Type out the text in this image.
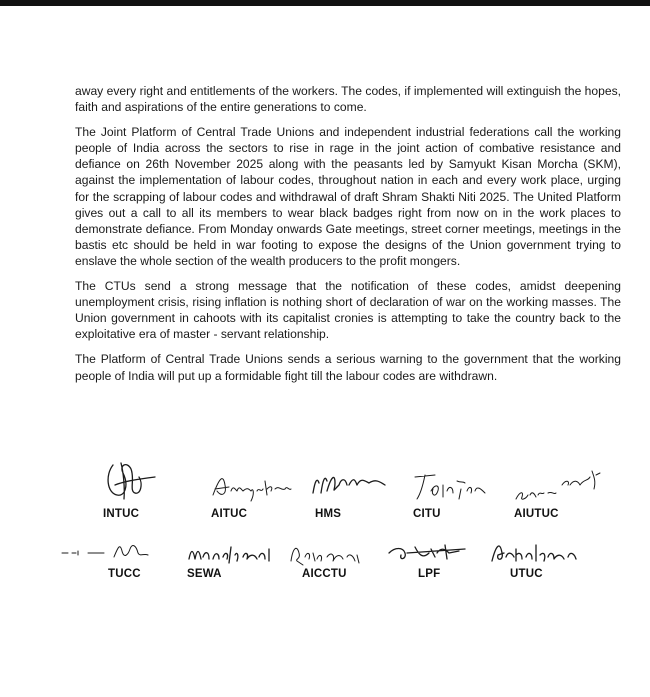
away every right and entitlements of the workers. The codes, if implemented will extinguish the hopes, faith and aspirations of the entire generations to come.

The Joint Platform of Central Trade Unions and independent industrial federations call the working people of India across the sectors to rise in rage in the joint action of combative resistance and defiance on 26th November 2025 along with the peasants led by Samyukt Kisan Morcha (SKM), against the implementation of labour codes, throughout nation in each and every work place, urging for the scrapping of labour codes and withdrawal of draft Shram Shakti Niti 2025. The United Platform gives out a call to all its members to wear black badges right from now on in the work places to demonstrate defiance. From Monday onwards Gate meetings, street corner meetings, meetings in the bastis etc should be held in war footing to expose the designs of the Union government trying to enslave the whole section of the wealth producers to the profit mongers.

The CTUs send a strong message that the notification of these codes, amidst deepening unemployment crisis, rising inflation is nothing short of declaration of war on the working masses. The Union government in cahoots with its capitalist cronies is attempting to take the country back to the exploitative era of master - servant relationship.

The Platform of Central Trade Unions sends a serious warning to the government that the working people of India will put up a formidable fight till the labour codes are withdrawn.

INTUC	AITUC	HMS	CITU	AIUTUC
TUCC	SEWA	AICCTU	LPF	UTUC
